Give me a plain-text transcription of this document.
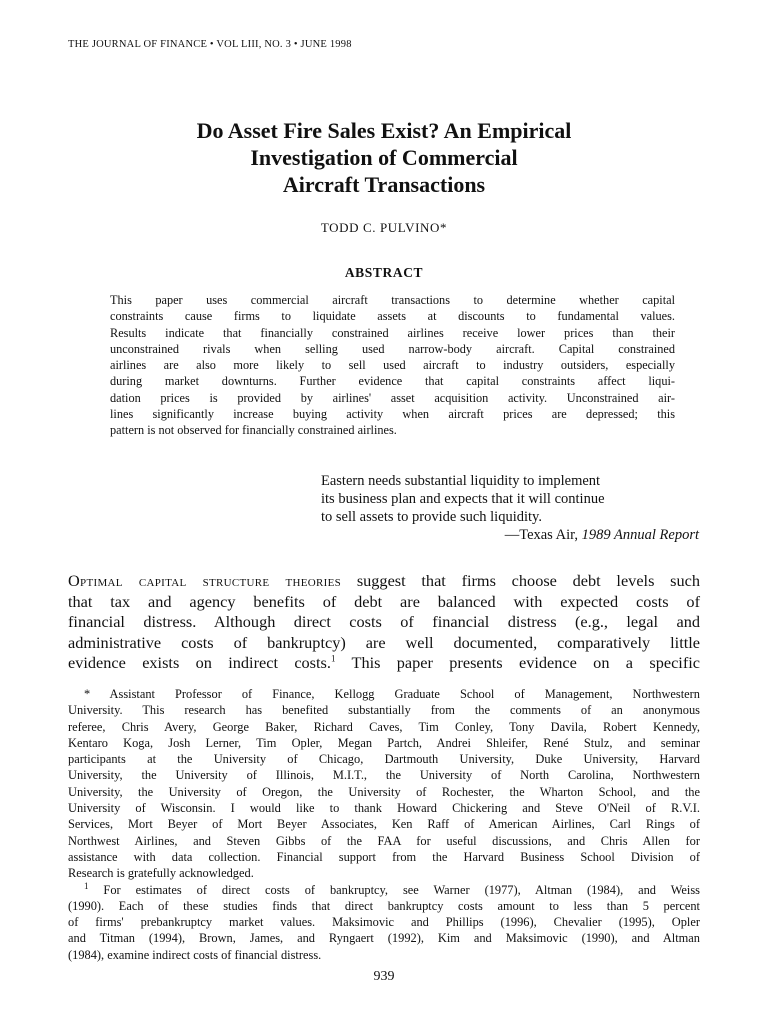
THE JOURNAL OF FINANCE • VOL LIII, NO. 3 • JUNE 1998
Do Asset Fire Sales Exist? An Empirical
Investigation of Commercial
Aircraft Transactions
TODD C. PULVINO*
ABSTRACT
This paper uses commercial aircraft transactions to determine whether capital
constraints cause firms to liquidate assets at discounts to fundamental values.
Results indicate that financially constrained airlines receive lower prices than their
unconstrained rivals when selling used narrow-body aircraft. Capital constrained
airlines are also more likely to sell used aircraft to industry outsiders, especially
during market downturns. Further evidence that capital constraints affect liqui-
dation prices is provided by airlines' asset acquisition activity. Unconstrained air-
lines significantly increase buying activity when aircraft prices are depressed; this
pattern is not observed for financially constrained airlines.
Eastern needs substantial liquidity to implement
its business plan and expects that it will continue
to sell assets to provide such liquidity.
—Texas Air, 1989 Annual Report
Optimal capital structure theories suggest that firms choose debt levels such
that tax and agency benefits of debt are balanced with expected costs of
financial distress. Although direct costs of financial distress (e.g., legal and
administrative costs of bankruptcy) are well documented, comparatively little
evidence exists on indirect costs.$^1$ This paper presents evidence on a specific
* Assistant Professor of Finance, Kellogg Graduate School of Management, Northwestern
University. This research has benefited substantially from the comments of an anonymous
referee, Chris Avery, George Baker, Richard Caves, Tim Conley, Tony Davila, Robert Kennedy,
Kentaro Koga, Josh Lerner, Tim Opler, Megan Partch, Andrei Shleifer, René Stulz, and seminar
participants at the University of Chicago, Dartmouth University, Duke University, Harvard
University, the University of Illinois, M.I.T., the University of North Carolina, Northwestern
University, the University of Oregon, the University of Rochester, the Wharton School, and the
University of Wisconsin. I would like to thank Howard Chickering and Steve O'Neil of R.V.I.
Services, Mort Beyer of Mort Beyer Associates, Ken Raff of American Airlines, Carl Rings of
Northwest Airlines, and Steven Gibbs of the FAA for useful discussions, and Chris Allen for
assistance with data collection. Financial support from the Harvard Business School Division of
Research is gratefully acknowledged.
$^1$ For estimates of direct costs of bankruptcy, see Warner (1977), Altman (1984), and Weiss
(1990). Each of these studies finds that direct bankruptcy costs amount to less than 5 percent
of firms' prebankruptcy market values. Maksimovic and Phillips (1996), Chevalier (1995), Opler
and Titman (1994), Brown, James, and Ryngaert (1992), Kim and Maksimovic (1990), and Altman
(1984), examine indirect costs of financial distress.
939
